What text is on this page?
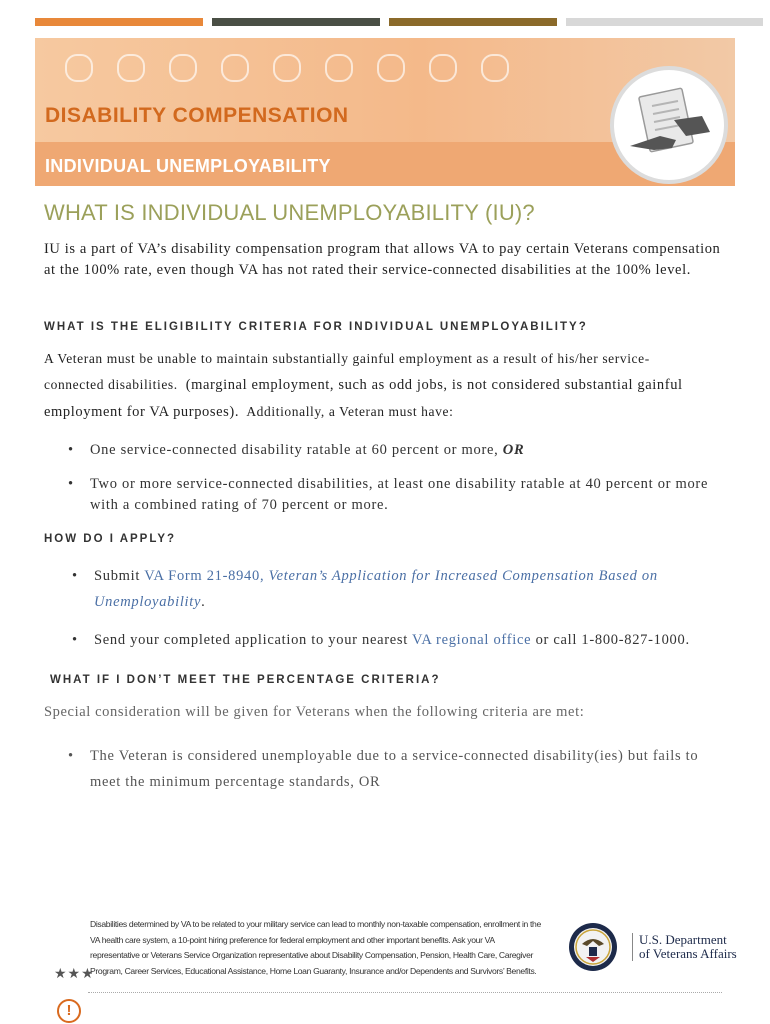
DISABILITY COMPENSATION
INDIVIDUAL UNEMPLOYABILITY
WHAT IS INDIVIDUAL UNEMPLOYABILITY (IU)?

IU is a part of VA’s disability compensation program that allows VA to pay certain Veterans compensation at the 100% rate, even though VA has not rated their service-connected disabilities at the 100% level.

WHAT IS THE ELIGIBILITY CRITERIA FOR INDIVIDUAL UNEMPLOYABILITY?
A Veteran must be unable to maintain substantially gainful employment as a result of his/her service-
connected disabilities. (marginal employment, such as odd jobs, is not considered substantial gainful
employment for VA purposes). Additionally, a Veteran must have:
• One service-connected disability ratable at 60 percent or more, OR
• Two or more service-connected disabilities, at least one disability ratable at 40 percent or more
with a combined rating of 70 percent or more.
HOW DO I APPLY?
• Submit VA Form 21-8940, Veteran’s Application for Increased Compensation Based on
Unemployability.
• Send your completed application to your nearest VA regional office or call 1-800-827-1000.
WHAT IF I DON’T MEET THE PERCENTAGE CRITERIA?

Special consideration will be given for Veterans when the following criteria are met:

• The Veteran is considered unemployable due to a service-connected disability(ies) but fails to
meet the minimum percentage standards, OR
Disabilities determined by VA to be related to your military service can lead to monthly non-taxable compensation, enrollment in the
VA health care system, a 10-point hiring preference for federal employment and other important benefits. Ask your VA
representative or Veterans Service Organization representative about Disability Compensation, Pension, Health Care, Caregiver
Program, Career Services, Educational Assistance, Home Loan Guaranty, Insurance and/or Dependents and Survivors’ Benefits.
U.S. Department
of Veterans Affairs
★★★
!
